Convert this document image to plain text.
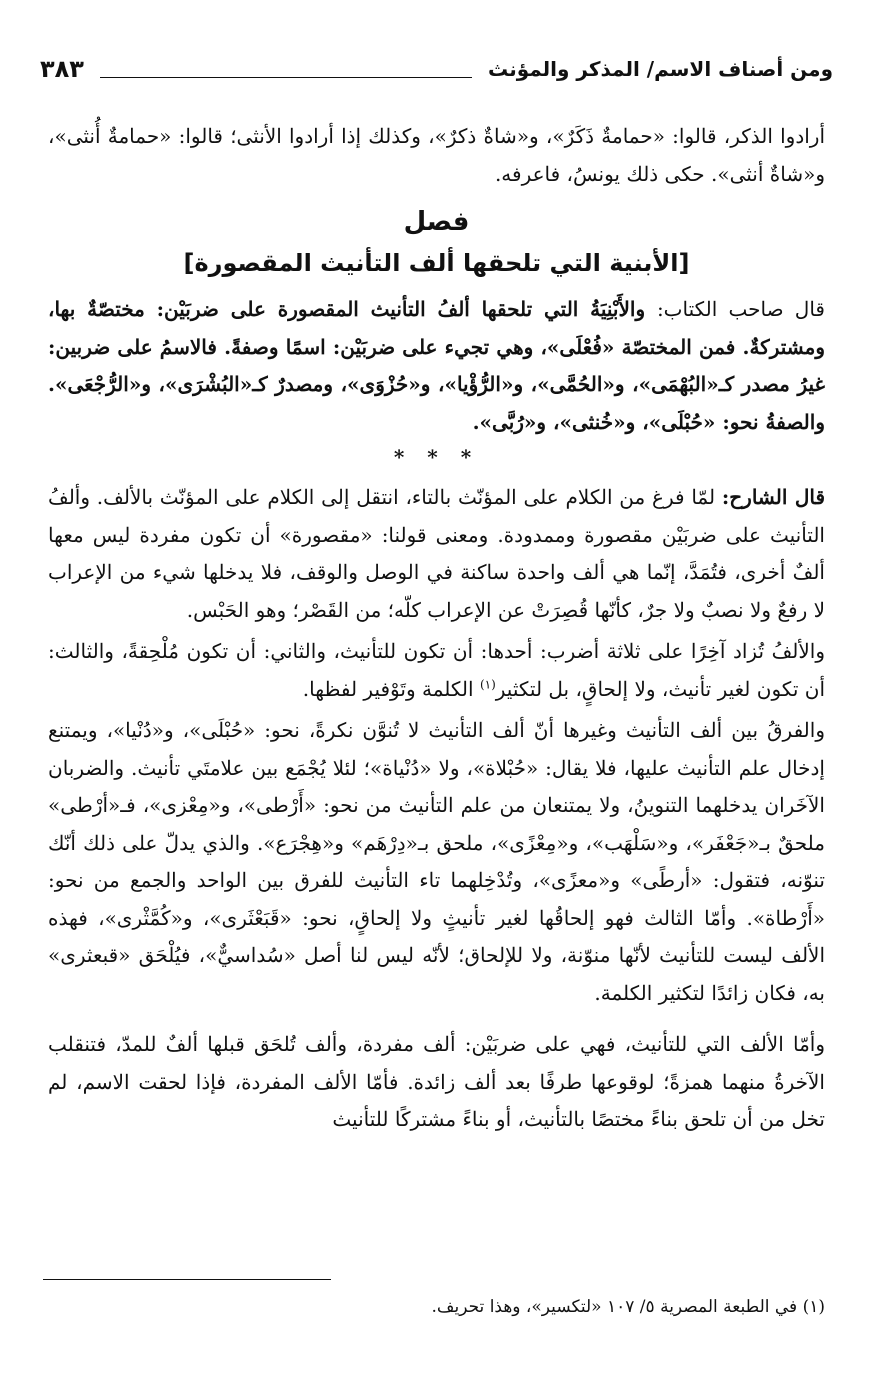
ومن أصناف الاسم/ المذكر والمؤنث
٣٨٣

أرادوا الذكر، قالوا: «حمامةٌ ذَكَرٌ»، و«شاةٌ ذكرٌ»، وكذلك إذا أرادوا الأنثى؛ قالوا: «حمامةٌ أُنثى»، و«شاةٌ أنثى». حكى ذلك يونسُ، فاعرفه.

فصل
[الأبنية التي تلحقها ألف التأنيث المقصورة]

قال صاحب الكتاب: والأَبْنِيَةُ التي تلحقها ألفُ التأنيث المقصورة على ضربَيْن: مختصّةٌ بها، ومشتركةٌ. فمن المختصّة «فُعْلَى»، وهي تجيء على ضربَيْن: اسمًا وصفةً. فالاسمُ على ضربين: غيرُ مصدر كـ«البُهْمَى»، و«الحُمَّى»، و«الرُّؤْيا»، و«حُزْوَى»، ومصدرٌ كـ«البُشْرَى»، و«الرُّجْعَى». والصفةُ نحو: «حُبْلَى»، و«خُنثى»، و«رُبَّى».

* * *

قال الشارح: لمّا فرغ من الكلام على المؤنّث بالتاء، انتقل إلى الكلام على المؤنّث بالألف. وألفُ التأنيث على ضربَيْن مقصورة وممدودة. ومعنى قولنا: «مقصورة» أن تكون مفردة ليس معها ألفٌ أخرى، فتُمَدَّ، إنّما هي ألف واحدة ساكنة في الوصل والوقف، فلا يدخلها شيء من الإعراب لا رفعٌ ولا نصبٌ ولا جرٌ، كأنّها قُصِرَتْ عن الإعراب كلّه؛ من القَصْر؛ وهو الحَبْس.

والألفُ تُزاد آخِرًا على ثلاثة أضرب: أحدها: أن تكون للتأنيث، والثاني: أن تكون مُلْحِقةً، والثالث: أن تكون لغير تأنيث، ولا إلحاقٍ، بل لتكثير$^{(١)}$ الكلمة وتَوْفير لفظها.

والفرقُ بين ألف التأنيث وغيرها أنّ ألف التأنيث لا تُنوَّن نكرةً، نحو: «حُبْلَى»، و«دُنْيا»، ويمتنع إدخال علم التأنيث عليها، فلا يقال: «حُبْلاة»، ولا «دُنْياة»؛ لئلا يُجْمَع بين علامتَي تأنيث. والضربان الآخَران يدخلهما التنوينُ، ولا يمتنعان من علم التأنيث من نحو: «أَرْطى»، و«مِعْزى»، فـ«أرْطى» ملحقٌ بـ«جَعْفَر»، و«سَلْهَب»، و«مِعْزًى»، ملحق بـ«دِرْهَم» و«هِجْرَع». والذي يدلّ على ذلك أنّك تنوّنه، فتقول: «أرطًى» و«معزًى»، وتُدْخِلهما تاء التأنيث للفرق بين الواحد والجمع من نحو: «أَرْطاة». وأمّا الثالث فهو إلحاقُها لغير تأنيثٍ ولا إلحاقٍ، نحو: «قَبَعْثَرى»، و«كُمَّثْرى»، فهذه الألف ليست للتأنيث لأنّها منوّنة، ولا للإلحاق؛ لأنّه ليس لنا أصل «سُداسيٌّ»، فيُلْحَق «قبعثرى» به، فكان زائدًا لتكثير الكلمة.

وأمّا الألف التي للتأنيث، فهي على ضربَيْن: ألف مفردة، وألف تُلحَق قبلها ألفٌ للمدّ، فتنقلب الآخرةُ منهما همزةً؛ لوقوعها طرفًا بعد ألف زائدة. فأمّا الألف المفردة، فإذا لحقت الاسم، لم تخل من أن تلحق بناءً مختصًا بالتأنيث، أو بناءً مشتركًا للتأنيث

(١) في الطبعة المصرية ٥/ ١٠٧ «لتكسير»، وهذا تحريف.
